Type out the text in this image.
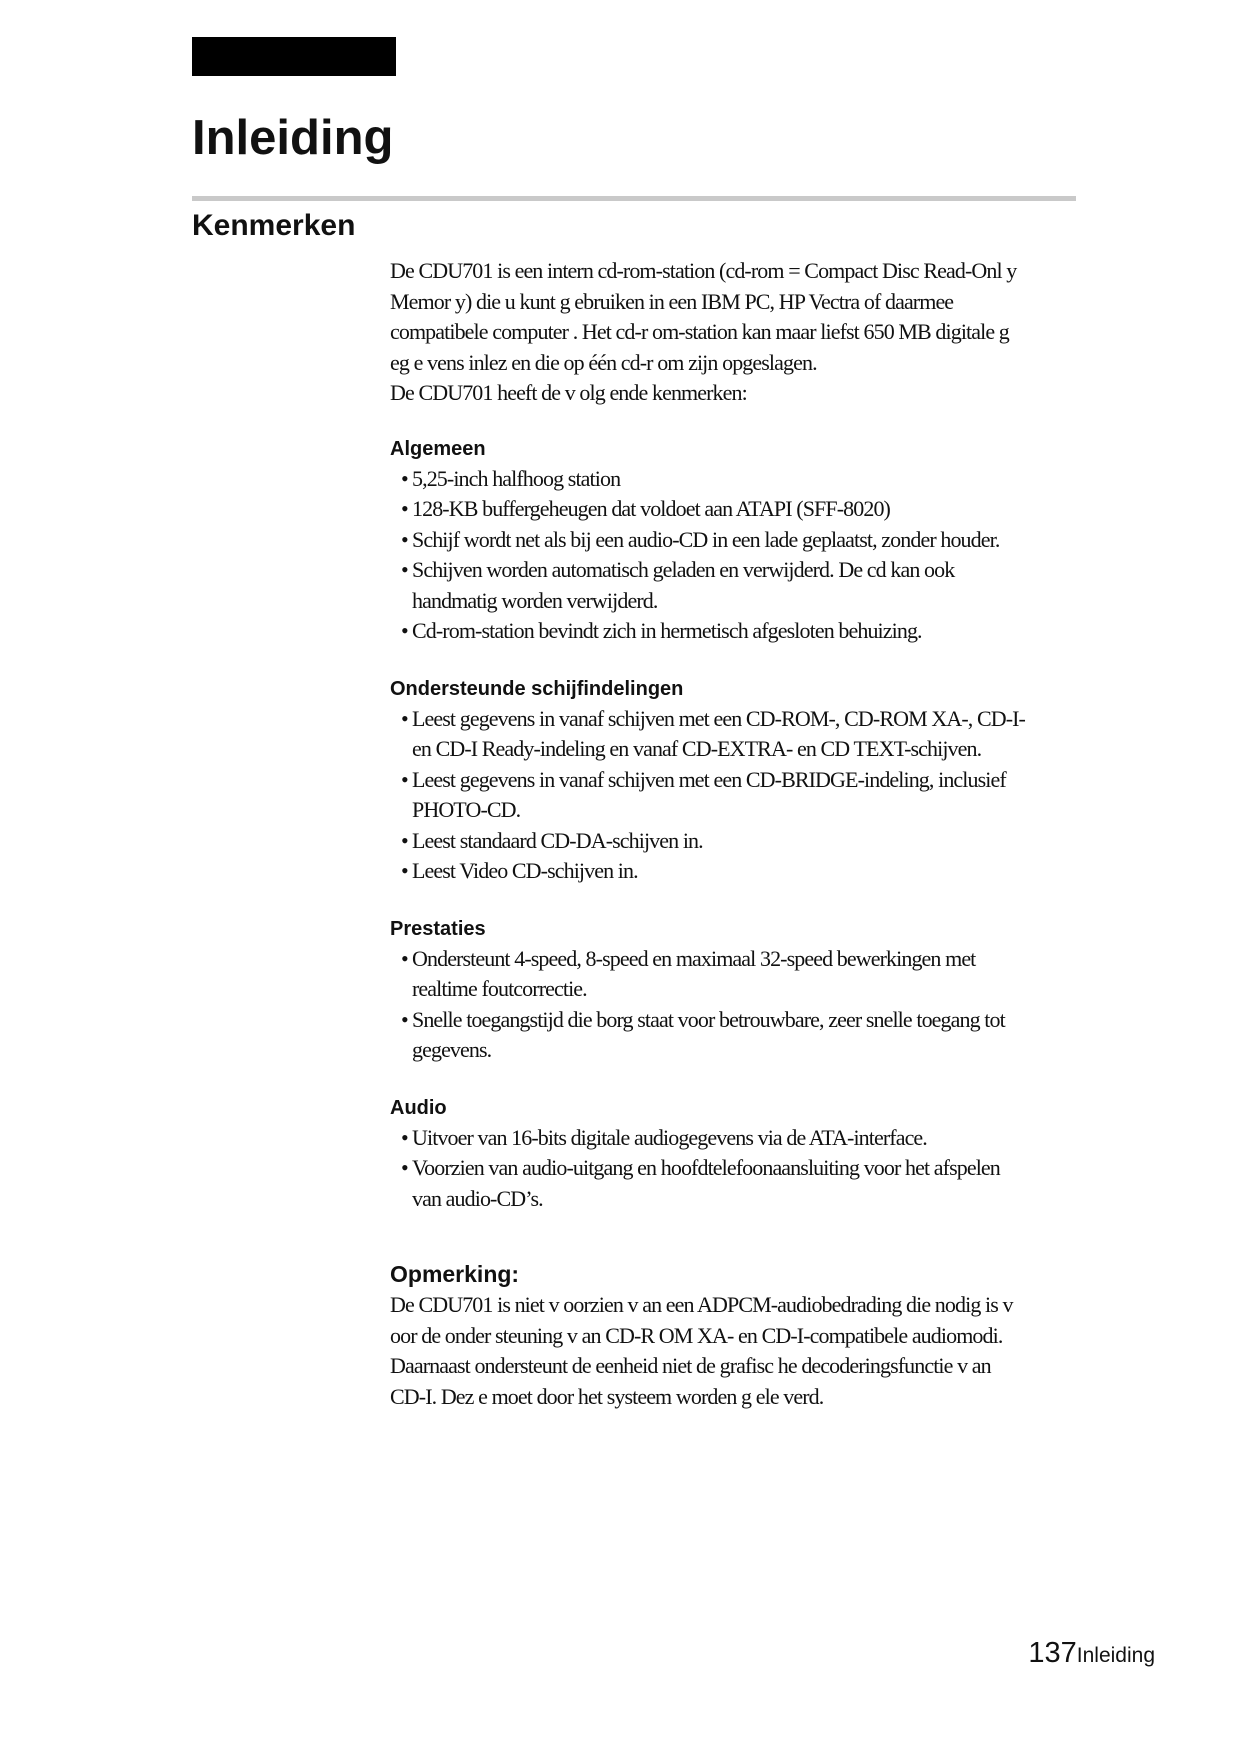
Inleiding
Kenmerken

De CDU701 is een intern cd-rom-station (cd-rom = Compact Disc Read-Onl y Memor y) die u kunt g ebruiken in een IBM PC, HP Vectra of daarmee compatibele computer . Het cd-r om-station kan maar liefst 650 MB digitale g eg e vens inlez en die op één cd-r om zijn opgeslagen.

De CDU701 heeft de v olg ende kenmerken:

Algemeen

• 5,25-inch halfhoog station
• 128-KB buffergeheugen dat voldoet aan ATAPI (SFF-8020)
• Schijf wordt net als bij een audio-CD in een lade geplaatst, zonder houder.
• Schijven worden automatisch geladen en verwijderd. De cd kan ook handmatig worden verwijderd.
• Cd-rom-station bevindt zich in hermetisch afgesloten behuizing.

Ondersteunde schijfindelingen

• Leest gegevens in vanaf schijven met een CD-ROM-, CD-ROM XA-, CD-I- en CD-I Ready-indeling en vanaf CD-EXTRA- en CD TEXT-schijven.
• Leest gegevens in vanaf schijven met een CD-BRIDGE-indeling, inclusief PHOTO-CD.
• Leest standaard CD-DA-schijven in.
• Leest Video CD-schijven in.

Prestaties

• Ondersteunt 4-speed, 8-speed en maximaal 32-speed bewerkingen met realtime foutcorrectie.
• Snelle toegangstijd die borg staat voor betrouwbare, zeer snelle toegang tot gegevens.

Audio

• Uitvoer van 16-bits digitale audiogegevens via de ATA-interface.
• Voorzien van audio-uitgang en hoofdtelefoonaansluiting voor het afspelen van audio-CD’s.

Opmerking:

De CDU701 is niet v oorzien v an een ADPCM-audiobedrading die nodig is v oor de onder steuning v an CD-R OM XA- en CD-I-compatibele audiomodi. Daarnaast ondersteunt de eenheid niet de grafisc he decoderingsfunctie v an CD-I. Dez e moet door het systeem worden g ele verd.

137Inleiding
